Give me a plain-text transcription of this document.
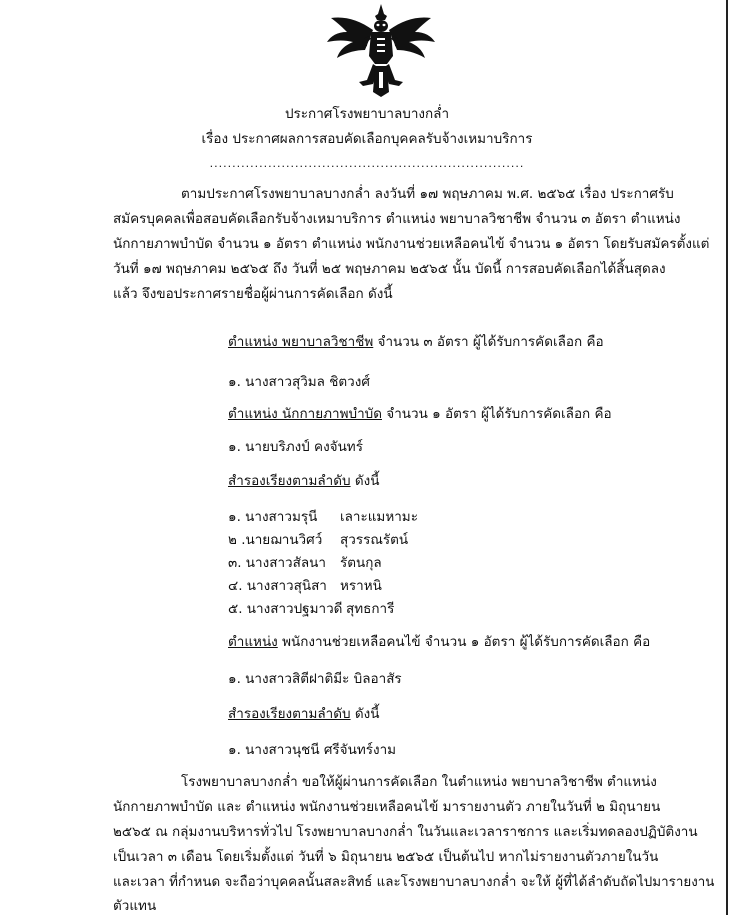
ประกาศโรงพยาบาลบางกล่ำ
เรื่อง ประกาศผลการสอบคัดเลือกบุคคลรับจ้างเหมาบริการ
......................................................................
ตามประกาศโรงพยาบาลบางกล่ำ ลงวันที่ ๑๗ พฤษภาคม พ.ศ. ๒๕๖๕ เรื่อง ประกาศรับ
สมัครบุคคลเพื่อสอบคัดเลือกรับจ้างเหมาบริการ ตำแหน่ง พยาบาลวิชาชีพ จำนวน ๓ อัตรา ตำแหน่ง
นักกายภาพบำบัด จำนวน ๑ อัตรา ตำแหน่ง พนักงานช่วยเหลือคนไข้ จำนวน ๑ อัตรา โดยรับสมัครตั้งแต่
วันที่ ๑๗ พฤษภาคม ๒๕๖๕ ถึง วันที่ ๒๕ พฤษภาคม ๒๕๖๕ นั้น บัดนี้ การสอบคัดเลือกได้สิ้นสุดลง
แล้ว จึงขอประกาศรายชื่อผู้ผ่านการคัดเลือก ดังนี้
ตำแหน่ง พยาบาลวิชาชีพ จำนวน ๓ อัตรา ผู้ได้รับการคัดเลือก คือ
๑. นางสาวสุวิมล ชิตวงศ์
ตำแหน่ง นักกายภาพบำบัด จำนวน ๑ อัตรา ผู้ได้รับการคัดเลือก คือ
๑. นายบริภงป์ คงจันทร์
สำรองเรียงตามลำดับ ดังนี้
๑. นางสาวมรุนี เลาะแมหามะ
๒ .นายฌานวิศว์ สุวรรณรัตน์
๓. นางสาวสัลนา รัตนกุล
๔. นางสาวสุนิสา หราหนิ
๕. นางสาวปฐมาวดี สุทธการี
ตำแหน่ง พนักงานช่วยเหลือคนไข้ จำนวน ๑ อัตรา ผู้ได้รับการคัดเลือก คือ
๑. นางสาวสิตีฝาติมีะ บิลอาสัร
สำรองเรียงตามลำดับ ดังนี้
๑. นางสาวนุชนี ศรีจันทร์งาม
โรงพยาบาลบางกล่ำ ขอให้ผู้ผ่านการคัดเลือก ในตำแหน่ง พยาบาลวิชาชีพ ตำแหน่ง
นักกายภาพบำบัด และ ตำแหน่ง พนักงานช่วยเหลือคนไข้ มารายงานตัว ภายในวันที่ ๒ มิถุนายน
๒๕๖๕ ณ กลุ่มงานบริหารทั่วไป โรงพยาบาลบางกล่ำ ในวันและเวลาราชการ และเริ่มทดลองปฏิบัติงาน
เป็นเวลา ๓ เดือน โดยเริ่มตั้งแต่ วันที่ ๖ มิถุนายน ๒๕๖๕ เป็นต้นไป หากไม่รายงานตัวภายในวัน
และเวลา ที่กำหนด จะถือว่าบุคคลนั้นสละสิทธ์ และโรงพยาบาลบางกล่ำ จะให้ ผู้ที่ได้ลำดับถัดไปมารายงาน
ตัวแทน
